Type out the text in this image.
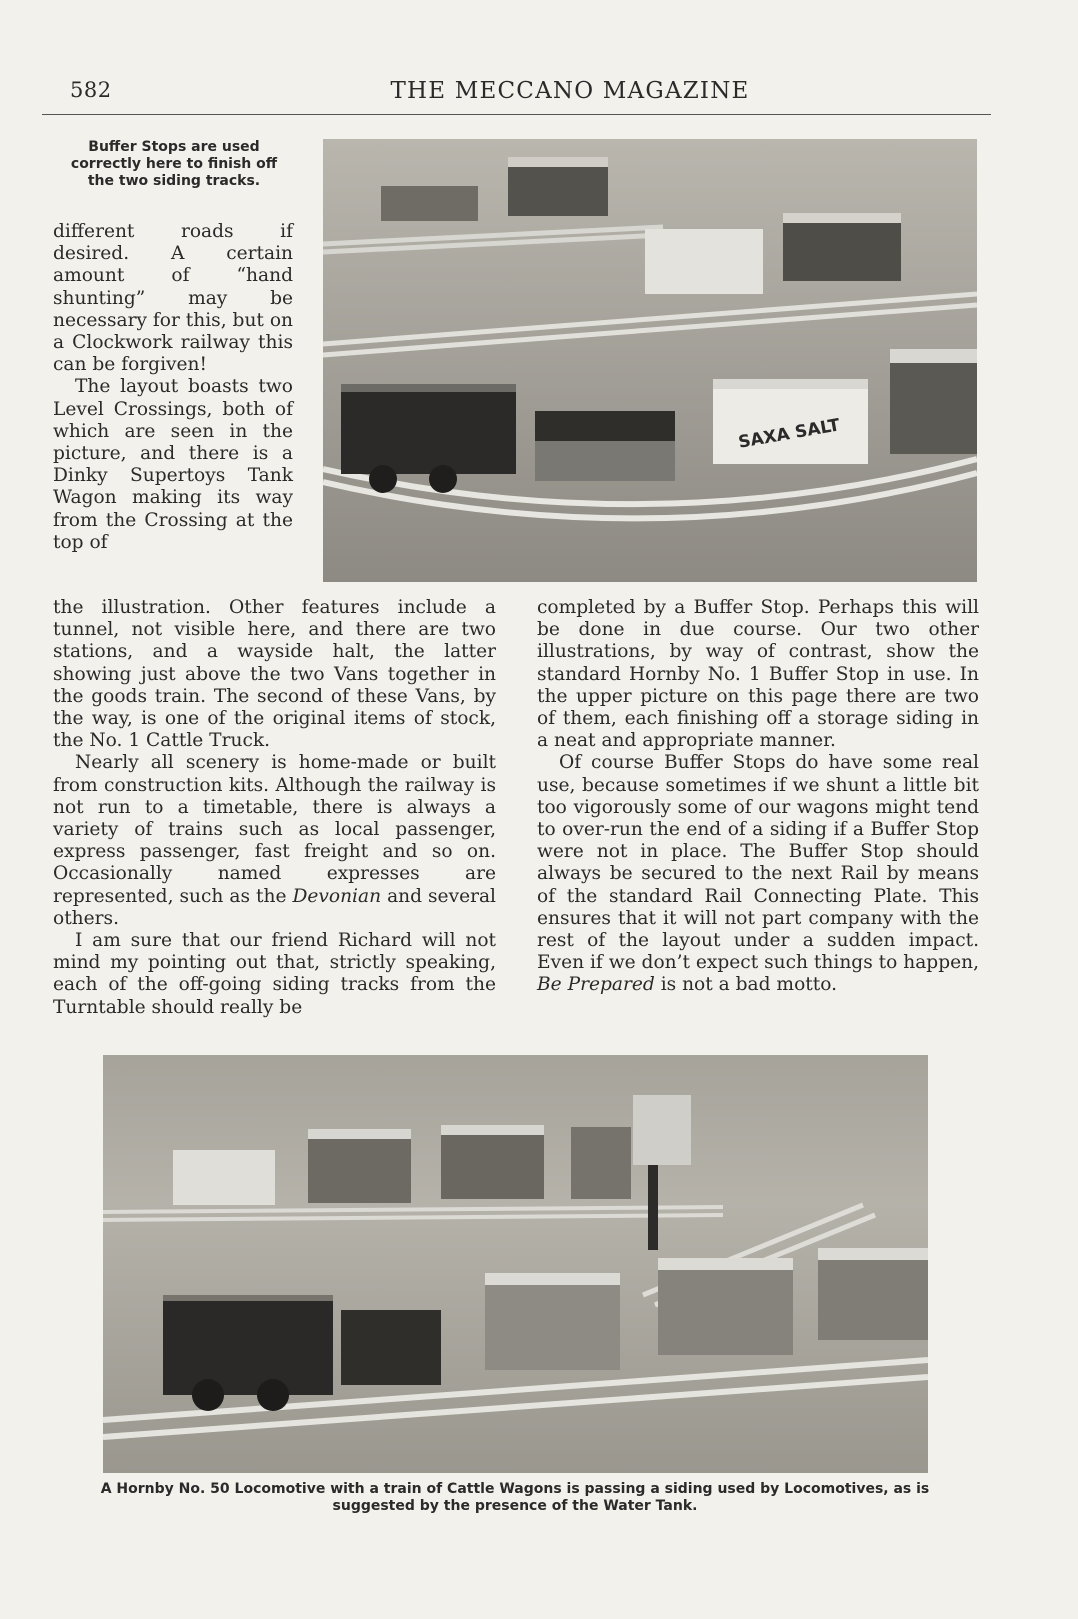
582	THE MECCANO MAGAZINE
Buffer Stops are used correctly here to finish off the two siding tracks.

different roads if desired. A certain amount of “hand shunting” may be necessary for this, but on a Clockwork railway this can be forgiven!

The layout boasts two Level Crossings, both of which are seen in the picture, and there is a Dinky Supertoys Tank Wagon making its way from the Crossing at the top of

SAXA SALT

the illustration. Other features include a tunnel, not visible here, and there are two stations, and a wayside halt, the latter showing just above the two Vans together in the goods train. The second of these Vans, by the way, is one of the original items of stock, the No. 1 Cattle Truck.

Nearly all scenery is home-made or built from construction kits. Although the railway is not run to a timetable, there is always a variety of trains such as local passenger, express passenger, fast freight and so on. Occasionally named expresses are represented, such as the Devonian and several others.

I am sure that our friend Richard will not mind my pointing out that, strictly speaking, each of the off-going siding tracks from the Turntable should really be

completed by a Buffer Stop. Perhaps this will be done in due course. Our two other illustrations, by way of contrast, show the standard Hornby No. 1 Buffer Stop in use. In the upper picture on this page there are two of them, each finishing off a storage siding in a neat and appropriate manner.

Of course Buffer Stops do have some real use, because sometimes if we shunt a little bit too vigorously some of our wagons might tend to over-run the end of a siding if a Buffer Stop were not in place. The Buffer Stop should always be secured to the next Rail by means of the standard Rail Connecting Plate. This ensures that it will not part company with the rest of the layout under a sudden impact. Even if we don’t expect such things to happen, Be Prepared is not a bad motto.

A Hornby No. 50 Locomotive with a train of Cattle Wagons is passing a siding used by Locomotives, as is suggested by the presence of the Water Tank.
